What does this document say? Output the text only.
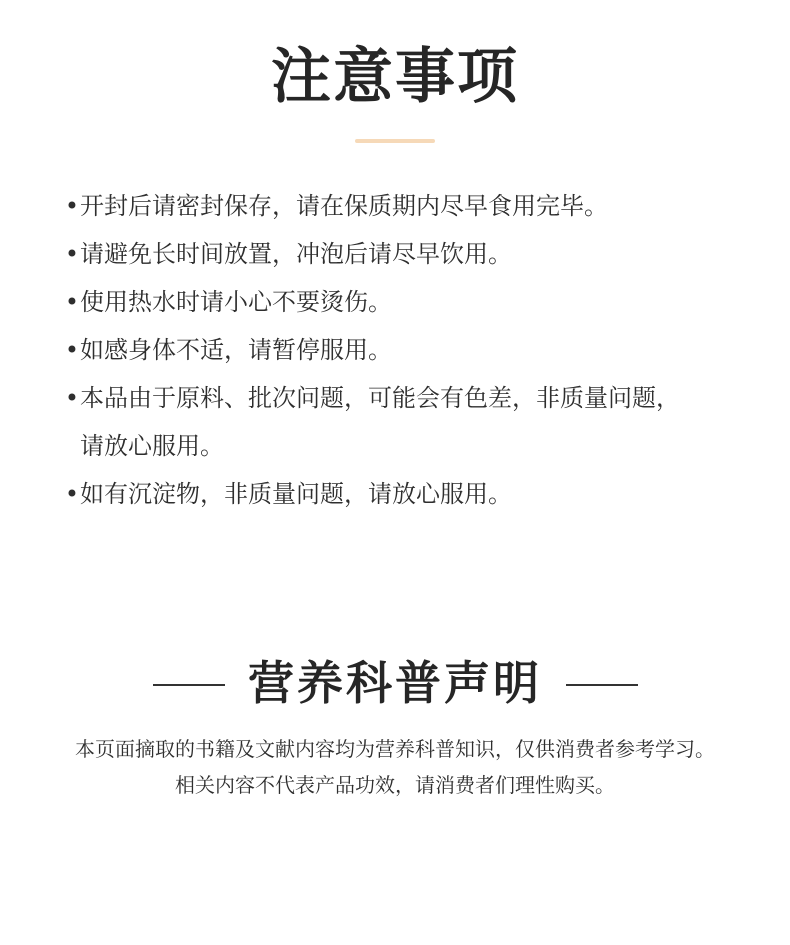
注意事项
• 开封后请密封保存，请在保质期内尽早食用完毕。
• 请避免长时间放置，冲泡后请尽早饮用。
• 使用热水时请小心不要烫伤。
• 如感身体不适，请暂停服用。
• 本品由于原料、批次问题，可能会有色差，非质量问题，
请放心服用。
• 如有沉淀物，非质量问题，请放心服用。
营养科普声明
本页面摘取的书籍及文献内容均为营养科普知识，仅供消费者参考学习。
相关内容不代表产品功效，请消费者们理性购买。
